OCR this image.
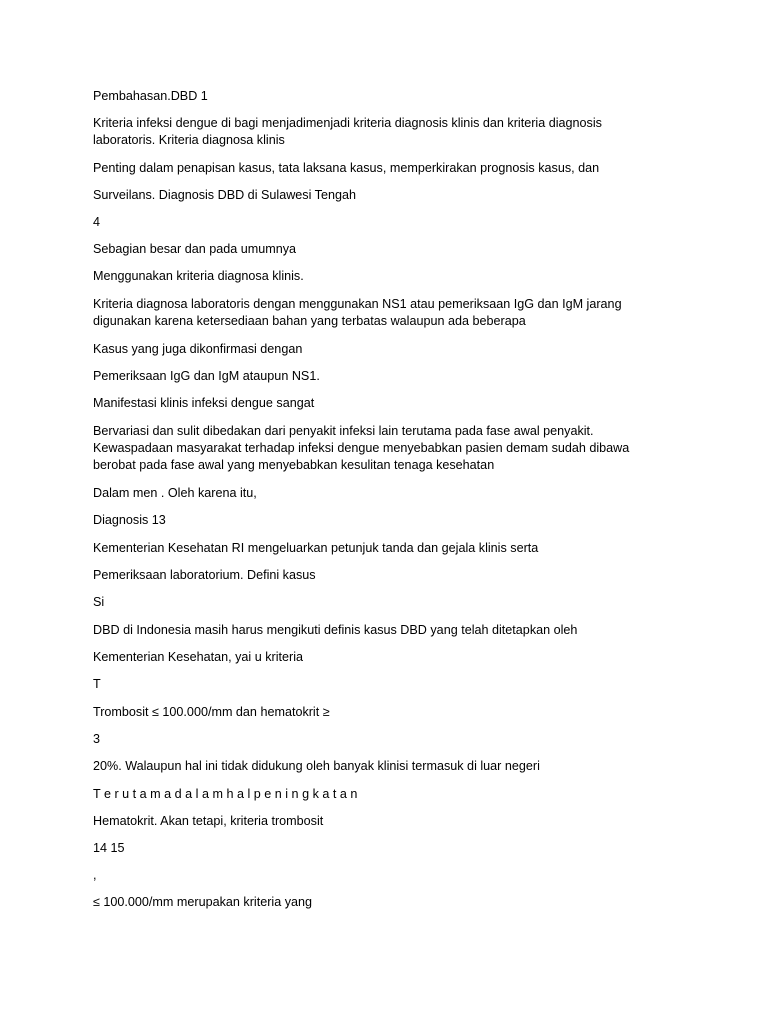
Pembahasan.DBD 1

Kriteria infeksi dengue di bagi menjadimenjadi kriteria diagnosis klinis dan kriteria diagnosis
laboratoris. Kriteria diagnosa klinis

Penting dalam penapisan kasus, tata laksana kasus, memperkirakan prognosis kasus, dan

Surveilans. Diagnosis DBD di Sulawesi Tengah

4

Sebagian besar dan pada umumnya

Menggunakan kriteria diagnosa klinis.

Kriteria diagnosa laboratoris dengan menggunakan NS1 atau pemeriksaan IgG dan IgM jarang
digunakan karena ketersediaan bahan yang terbatas walaupun ada beberapa

Kasus yang juga dikonfirmasi dengan

Pemeriksaan IgG dan IgM ataupun NS1.

Manifestasi klinis infeksi dengue sangat

Bervariasi dan sulit dibedakan dari penyakit infeksi lain terutama pada fase awal penyakit.
Kewaspadaan masyarakat terhadap infeksi dengue menyebabkan pasien demam sudah dibawa
berobat pada fase awal yang menyebabkan kesulitan tenaga kesehatan

Dalam men . Oleh karena itu,

Diagnosis 13

Kementerian Kesehatan RI mengeluarkan petunjuk tanda dan gejala klinis serta

Pemeriksaan laboratorium. Defini kasus

Si

DBD di Indonesia masih harus mengikuti definis kasus DBD yang telah ditetapkan oleh

Kementerian Kesehatan, yai u kriteria

T

Trombosit ≤ 100.000/mm dan hematokrit ≥

3

20%. Walaupun hal ini tidak didukung oleh banyak klinisi termasuk di luar negeri

T e r u t a m a d a l a m h a l p e n i n g k a t a n

Hematokrit. Akan tetapi, kriteria trombosit

14 15

,

≤ 100.000/mm merupakan kriteria yang
